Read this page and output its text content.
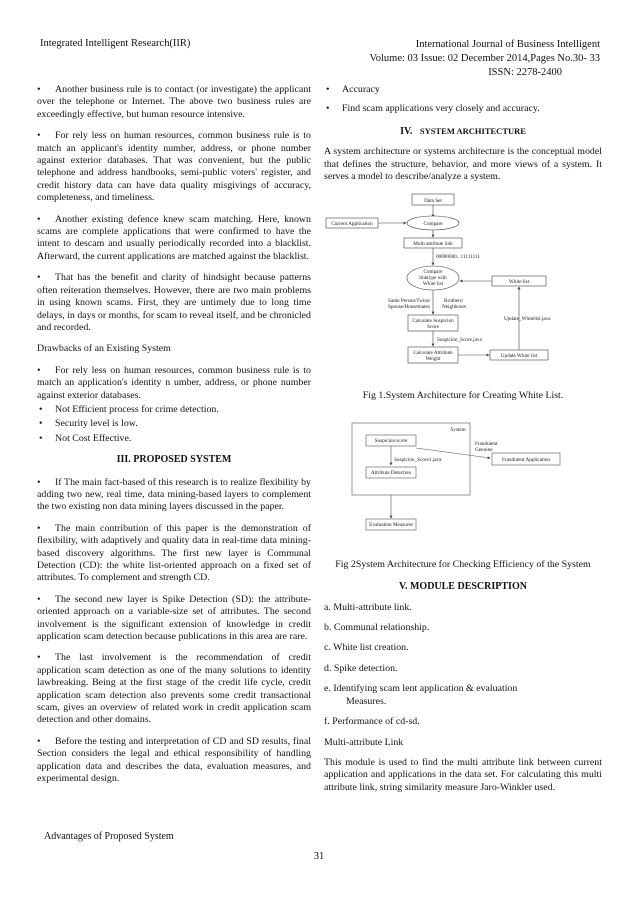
Integrated Intelligent Research(IIR)	International Journal of Business Intelligent
Volume: 03 Issue: 02 December 2014,Pages No.30- 33
ISSN: 2278-2400
• Another business rule is to contact (or investigate) the applicant over the telephone or Internet. The above two business rules are exceedingly effective, but human resource intensive.
• For rely less on human resources, common business rule is to match an applicant's identity number, address, or phone number against exterior databases. That was convenient, but the public telephone and address handbooks, semi-public voters' register, and credit history data can have data quality misgivings of accuracy, completeness, and timeliness.
• Another existing defence knew scam matching. Here, known scams are complete applications that were confirmed to have the intent to descam and usually periodically recorded into a blacklist. Afterward, the current applications are matched against the blacklist.
• That has the benefit and clarity of hindsight because patterns often reiteration themselves. However, there are two main problems in using known scams. First, they are untimely due to long time delays, in days or months, for scam to reveal itself, and be chronicled and recorded.

Drawbacks of an Existing System

• For rely less on human resources, common business rule is to match an application's identity n umber, address, or phone number against exterior databases.
• Not Efficient process for crime detection.
• Security level is low.
• Not Cost Effective.
III. PROPOSED SYSTEM
• If The main fact-based of this research is to realize flexibility by adding two new, real time, data mining-based layers to complement the two existing non data mining layers discussed in the paper.
• The main contribution of this paper is the demonstration of flexibility, with adaptively and quality data in real-time data mining-based discovery algorithms. The first new layer is Communal Detection (CD): the white list-oriented approach on a fixed set of attributes. To complement and strength CD.
• The second new layer is Spike Detection (SD): the attribute-oriented approach on a variable-size set of attributes. The second involvement is the significant extension of knowledge in credit application scam detection because publications in this area are rare.
• The last involvement is the recommendation of credit application scam detection as one of the many solutions to identity lawbreaking. Being at the first stage of the credit life cycle, credit application scam detection also prevents some credit transactional scam, gives an overview of related work in credit application scam detection and other domains.
• Before the testing and interpretation of CD and SD results, final Section considers the legal and ethical responsibility of handling application data and describes the data, evaluation measures, and experimental design.
Advantages of Proposed System
• Accuracy
• Find scam applications very closely and accuracy.
IV. SYSTEM ARCHITECTURE

A system architecture or systems architecture is the conceptual model that defines the structure, behavior, and more views of a system. It serves a model to describe/analyze a system.

Data Set
Current Application	Compare
Multi attribute link
00000000...11111111
Compare
linktype with
White list	White list
Same Person/Twins/
Spouse/Housemates
Brothers/
Neighbours
Calculate Suspicion
Score
Suspicion_Score.java
Calculate Attribute
Weight	Update White list
Update_Whitelist.java
Fig 1.System Architecture for Creating White List.
System
Suspicion score
Suspicion_Score1.java
Fraudulent
Genuine
Fraudulent Application
Attribute Detection
Evaluation Measures
Fig 2System Architecture for Checking Efficiency of the System
V. MODULE DESCRIPTION
a. Multi-attribute link.
b. Communal relationship.
c. White list creation.
d. Spike detection.
e. Identifying scam lent application & evaluation
Measures.
f. Performance of cd-sd.
Multi-attribute Link

This module is used to find the multi attribute link between current application and applications in the data set. For calculating this multi attribute link, string similarity measure Jaro-Winkler used.

31
